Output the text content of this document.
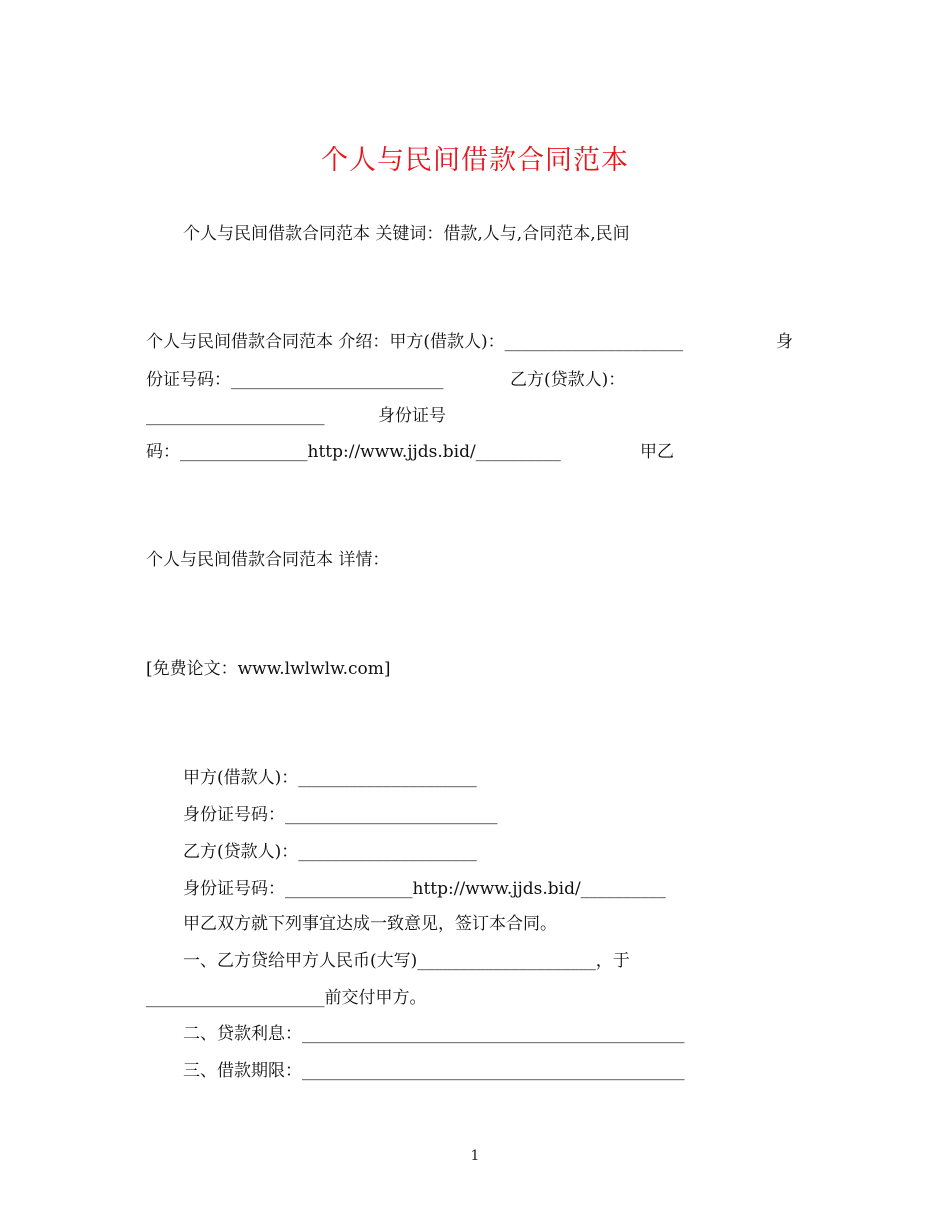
个人与民间借款合同范本
个人与民间借款合同范本 关键词：借款,人与,合同范本,民间
个人与民间借款合同范本 介绍：甲方(借款人)：_____________________	身
份证号码：_________________________	乙方(贷款人)：
_____________________	身份证号
码：_______________http://www.jjds.bid/__________	甲乙
个人与民间借款合同范本 详情：
[免费论文：www.lwlwlw.com]
甲方(借款人)：_____________________
身份证号码：_________________________
乙方(贷款人)：_____________________
身份证号码：_______________http://www.jjds.bid/__________
甲乙双方就下列事宜达成一致意见，签订本合同。
一、乙方贷给甲方人民币(大写)_____________________，于
_____________________前交付甲方。
二、贷款利息：_____________________________________________
三、借款期限：_____________________________________________
1
